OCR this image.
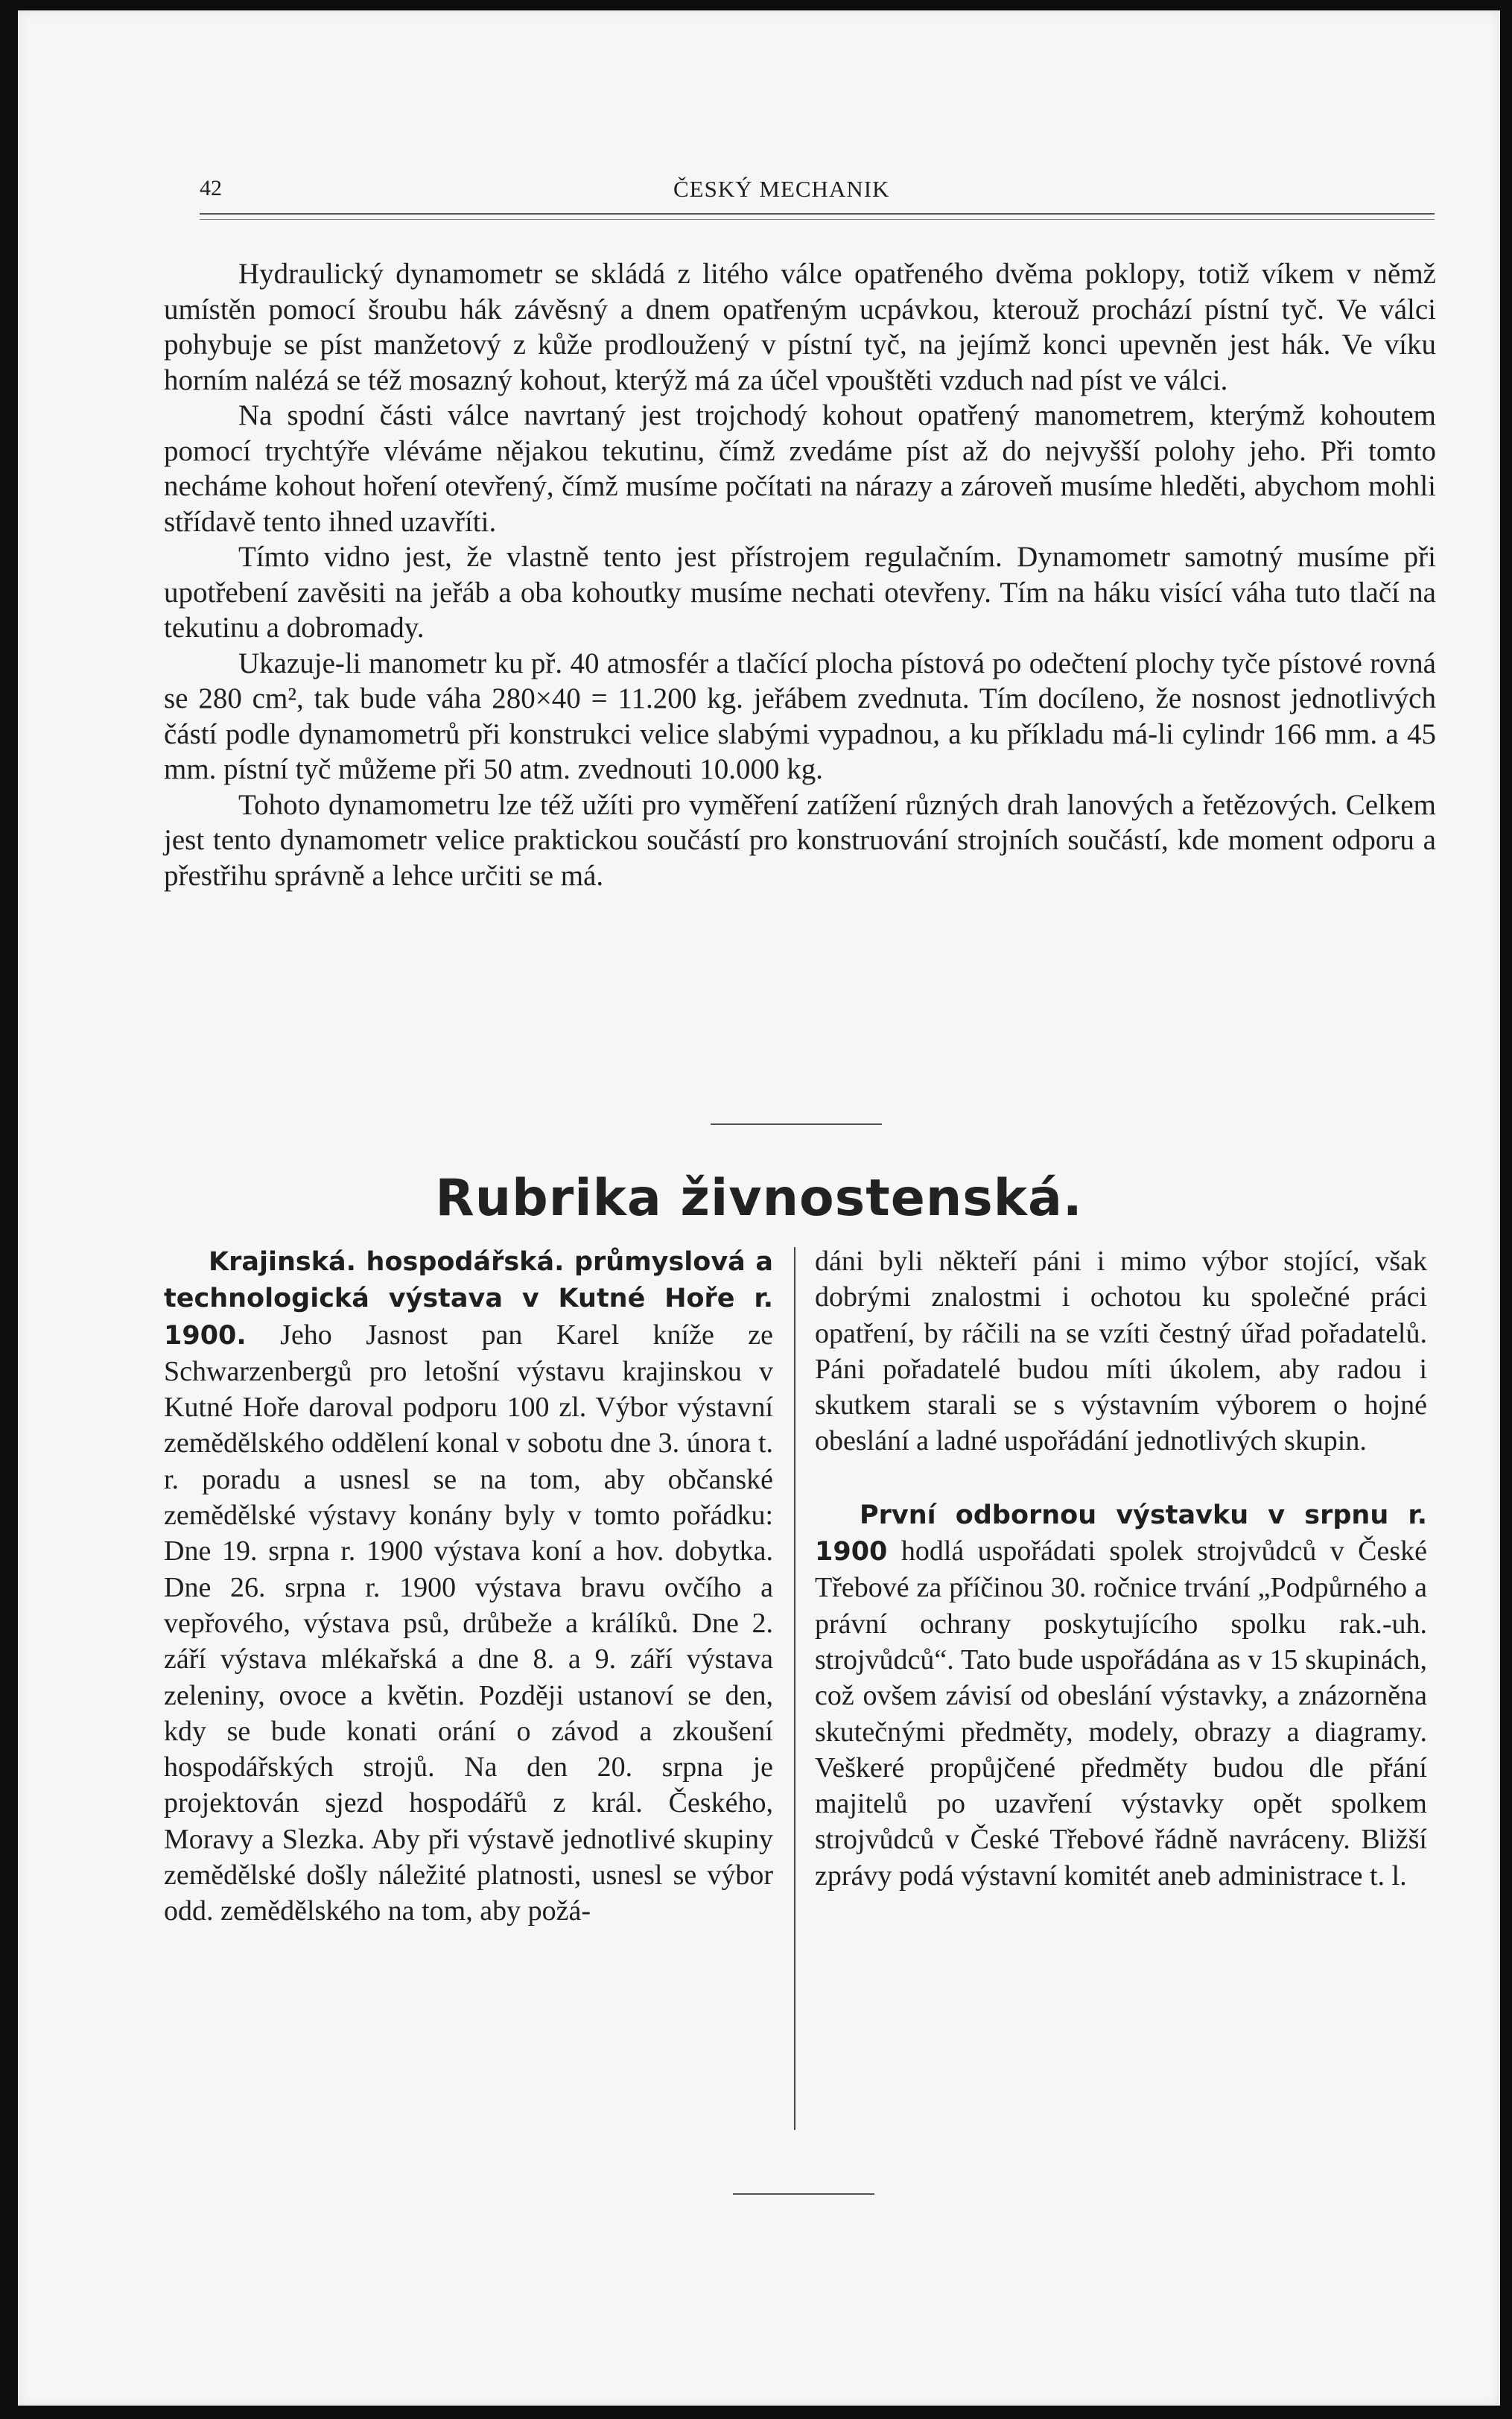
42	ČESKÝ MECHANIK

Hydraulický dynamometr se skládá z litého válce opatřeného dvěma poklopy, totiž víkem v němž umístěn pomocí šroubu hák závěsný a dnem opatřeným ucpávkou, kterouž prochází pístní tyč. Ve válci pohybuje se píst manžetový z kůže prodloužený v pístní tyč, na jejímž konci upevněn jest hák. Ve víku horním nalézá se též mosazný kohout, kterýž má za účel vpouštěti vzduch nad píst ve válci.

Na spodní části válce navrtaný jest trojchodý kohout opatřený manometrem, kterýmž kohoutem pomocí trychtýře vléváme nějakou tekutinu, čímž zvedáme píst až do nejvyšší polohy jeho. Při tomto necháme kohout hoření otevřený, čímž musíme počítati na nárazy a zároveň musíme hleděti, abychom mohli střídavě tento ihned uzavříti.

Tímto vidno jest, že vlastně tento jest přístrojem regulačním. Dynamometr samotný musíme při upotřebení zavěsiti na jeřáb a oba kohoutky musíme nechati otevřeny. Tím na háku visící váha tuto tlačí na tekutinu a dobromady.

Ukazuje-li manometr ku př. 40 atmosfér a tlačící plocha pístová po odečtení plochy tyče pístové rovná se 280 cm², tak bude váha 280×40 = 11.200 kg. jeřábem zvednuta. Tím docíleno, že nosnost jednotlivých částí podle dynamometrů při konstrukci velice slabými vypadnou, a ku příkladu má-li cylindr 166 mm. a 45 mm. pístní tyč můžeme při 50 atm. zvednouti 10.000 kg.

Tohoto dynamometru lze též užíti pro vyměření zatížení různých drah lanových a řetězových. Celkem jest tento dynamometr velice praktickou součástí pro konstruování strojních součástí, kde moment odporu a přestřihu správně a lehce určiti se má.

Rubrika živnostenská.

Krajinská. hospodářská. průmyslová a technologická výstava v Kutné Hoře r. 1900. Jeho Jasnost pan Karel kníže ze Schwarzenbergů pro letošní výstavu krajinskou v Kutné Hoře daroval podporu 100 zl. Výbor výstavní zemědělského oddělení konal v sobotu dne 3. února t. r. poradu a usnesl se na tom, aby občanské zemědělské výstavy konány byly v tomto pořádku: Dne 19. srpna r. 1900 výstava koní a hov. dobytka. Dne 26. srpna r. 1900 výstava bravu ovčího a vepřového, výstava psů, drůbeže a králíků. Dne 2. září výstava mlékařská a dne 8. a 9. září výstava zeleniny, ovoce a květin. Později ustanoví se den, kdy se bude konati orání o závod a zkoušení hospodářských strojů. Na den 20. srpna je projektován sjezd hospodářů z král. Českého, Moravy a Slezka. Aby při výstavě jednotlivé skupiny zemědělské došly náležité platnosti, usnesl se výbor odd. zemědělského na tom, aby požá-

dáni byli někteří páni i mimo výbor stojící, však dobrými znalostmi i ochotou ku společné práci opatření, by ráčili na se vzíti čestný úřad pořadatelů. Páni pořadatelé budou míti úkolem, aby radou i skutkem starali se s výstavním výborem o hojné obeslání a ladné uspořádání jednotlivých skupin.

První odbornou výstavku v srpnu r. 1900 hodlá uspořádati spolek strojvůdců v České Třebové za příčinou 30. ročnice trvání „Podpůrného a právní ochrany poskytujícího spolku rak.-uh. strojvůdců“. Tato bude uspořádána as v 15 skupinách, což ovšem závisí od obeslání výstavky, a znázorněna skutečnými předměty, modely, obrazy a diagramy. Veškeré propůjčené předměty budou dle přání majitelů po uzavření výstavky opět spolkem strojvůdců v České Třebové řádně navráceny. Bližší zprávy podá výstavní komitét aneb administrace t. l.
